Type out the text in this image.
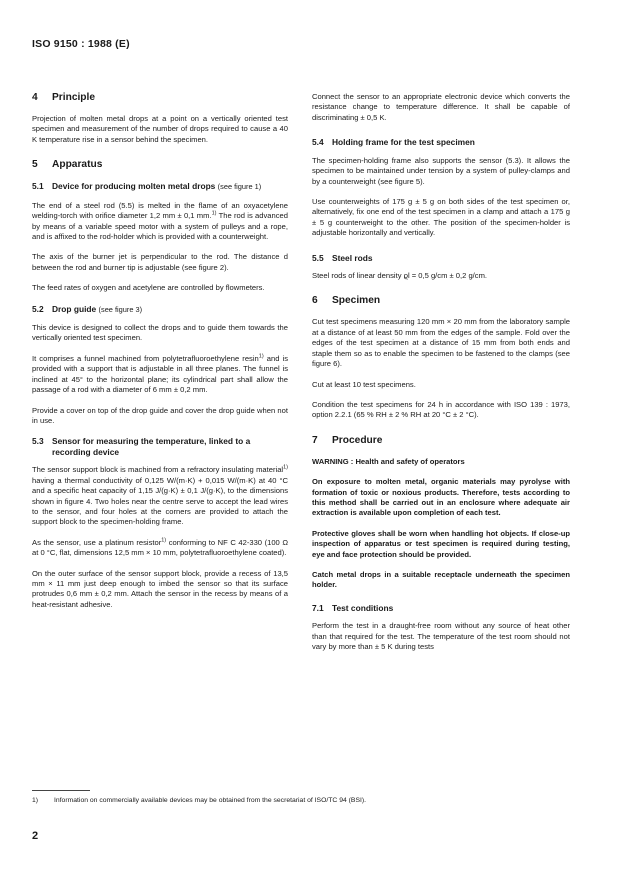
ISO 9150 : 1988 (E)
4 Principle

Projection of molten metal drops at a point on a vertically oriented test specimen and measurement of the number of drops required to cause a 40 K temperature rise in a sensor behind the specimen.

5 Apparatus
5.1 Device for producing molten metal drops (see figure 1)

The end of a steel rod (5.5) is melted in the flame of an oxyacetylene welding-torch with orifice diameter 1,2 mm ± 0,1 mm.$^{1)}$ The rod is advanced by means of a variable speed motor with a system of pulleys and a rope, and is affixed to the rod-holder which is provided with a counterweight.

The axis of the burner jet is perpendicular to the rod. The distance d between the rod and burner tip is adjustable (see figure 2).

The feed rates of oxygen and acetylene are controlled by flowmeters.

5.2 Drop guide (see figure 3)

This device is designed to collect the drops and to guide them towards the vertically oriented test specimen.

It comprises a funnel machined from polytetrafluoroethylene resin$^{1)}$ and is provided with a support that is adjustable in all three planes. The funnel is inclined at 45° to the horizontal plane; its cylindrical part shall allow the passage of a rod with a diameter of 6 mm ± 0,2 mm.

Provide a cover on top of the drop guide and cover the drop guide when not in use.

5.3 Sensor for measuring the temperature, linked to a recording device

The sensor support block is machined from a refractory insulating material$^{1)}$ having a thermal conductivity of 0,125 W/(m·K) + 0,015 W/(m·K) at 40 °C and a specific heat capacity of 1,15 J/(g·K) ± 0,1 J/(g·K), to the dimensions shown in figure 4. Two holes near the centre serve to accept the lead wires to the sensor, and four holes at the corners are provided to attach the support block to the specimen-holding frame.

As the sensor, use a platinum resistor$^{1)}$ conforming to NF C 42-330 (100 Ω at 0 °C, flat, dimensions 12,5 mm × 10 mm, polytetrafluoroethylene coated).

On the outer surface of the sensor support block, provide a recess of 13,5 mm × 11 mm just deep enough to imbed the sensor so that its surface protrudes 0,6 mm ± 0,2 mm. Attach the sensor in the recess by means of a heat-resistant adhesive.

Connect the sensor to an appropriate electronic device which converts the resistance change to temperature difference. It shall be capable of discriminating ± 0,5 K.

5.4 Holding frame for the test specimen

The specimen-holding frame also supports the sensor (5.3). It allows the specimen to be maintained under tension by a system of pulley-clamps and by a counterweight (see figure 5).

Use counterweights of 175 g ± 5 g on both sides of the test specimen or, alternatively, fix one end of the test specimen in a clamp and attach a 175 g ± 5 g counterweight to the other. The position of the specimen-holder is adjustable horizontally and vertically.

5.5 Steel rods

Steel rods of linear density ϱl = 0,5 g/cm ± 0,2 g/cm.

6 Specimen

Cut test specimens measuring 120 mm × 20 mm from the laboratory sample at a distance of at least 50 mm from the edges of the sample. Fold over the edges of the test specimen at a distance of 15 mm from both ends and staple them so as to enable the specimen to be fastened to the clamps (see figure 6).

Cut at least 10 test specimens.

Condition the test specimens for 24 h in accordance with ISO 139 : 1973, option 2.2.1 (65 % RH ± 2 % RH at 20 °C ± 2 °C).

7 Procedure

WARNING : Health and safety of operators

On exposure to molten metal, organic materials may pyrolyse with formation of toxic or noxious products. Therefore, tests according to this method shall be carried out in an enclosure where adequate air extraction is available upon completion of each test.

Protective gloves shall be worn when handling hot objects. If close-up inspection of apparatus or test specimen is required during testing, eye and face protection should be provided.

Catch metal drops in a suitable receptacle underneath the specimen holder.

7.1 Test conditions

Perform the test in a draught-free room without any source of heat other than that required for the test. The temperature of the test room should not vary by more than ± 5 K during tests

1) Information on commercially available devices may be obtained from the secretariat of ISO/TC 94 (BSI).
2
